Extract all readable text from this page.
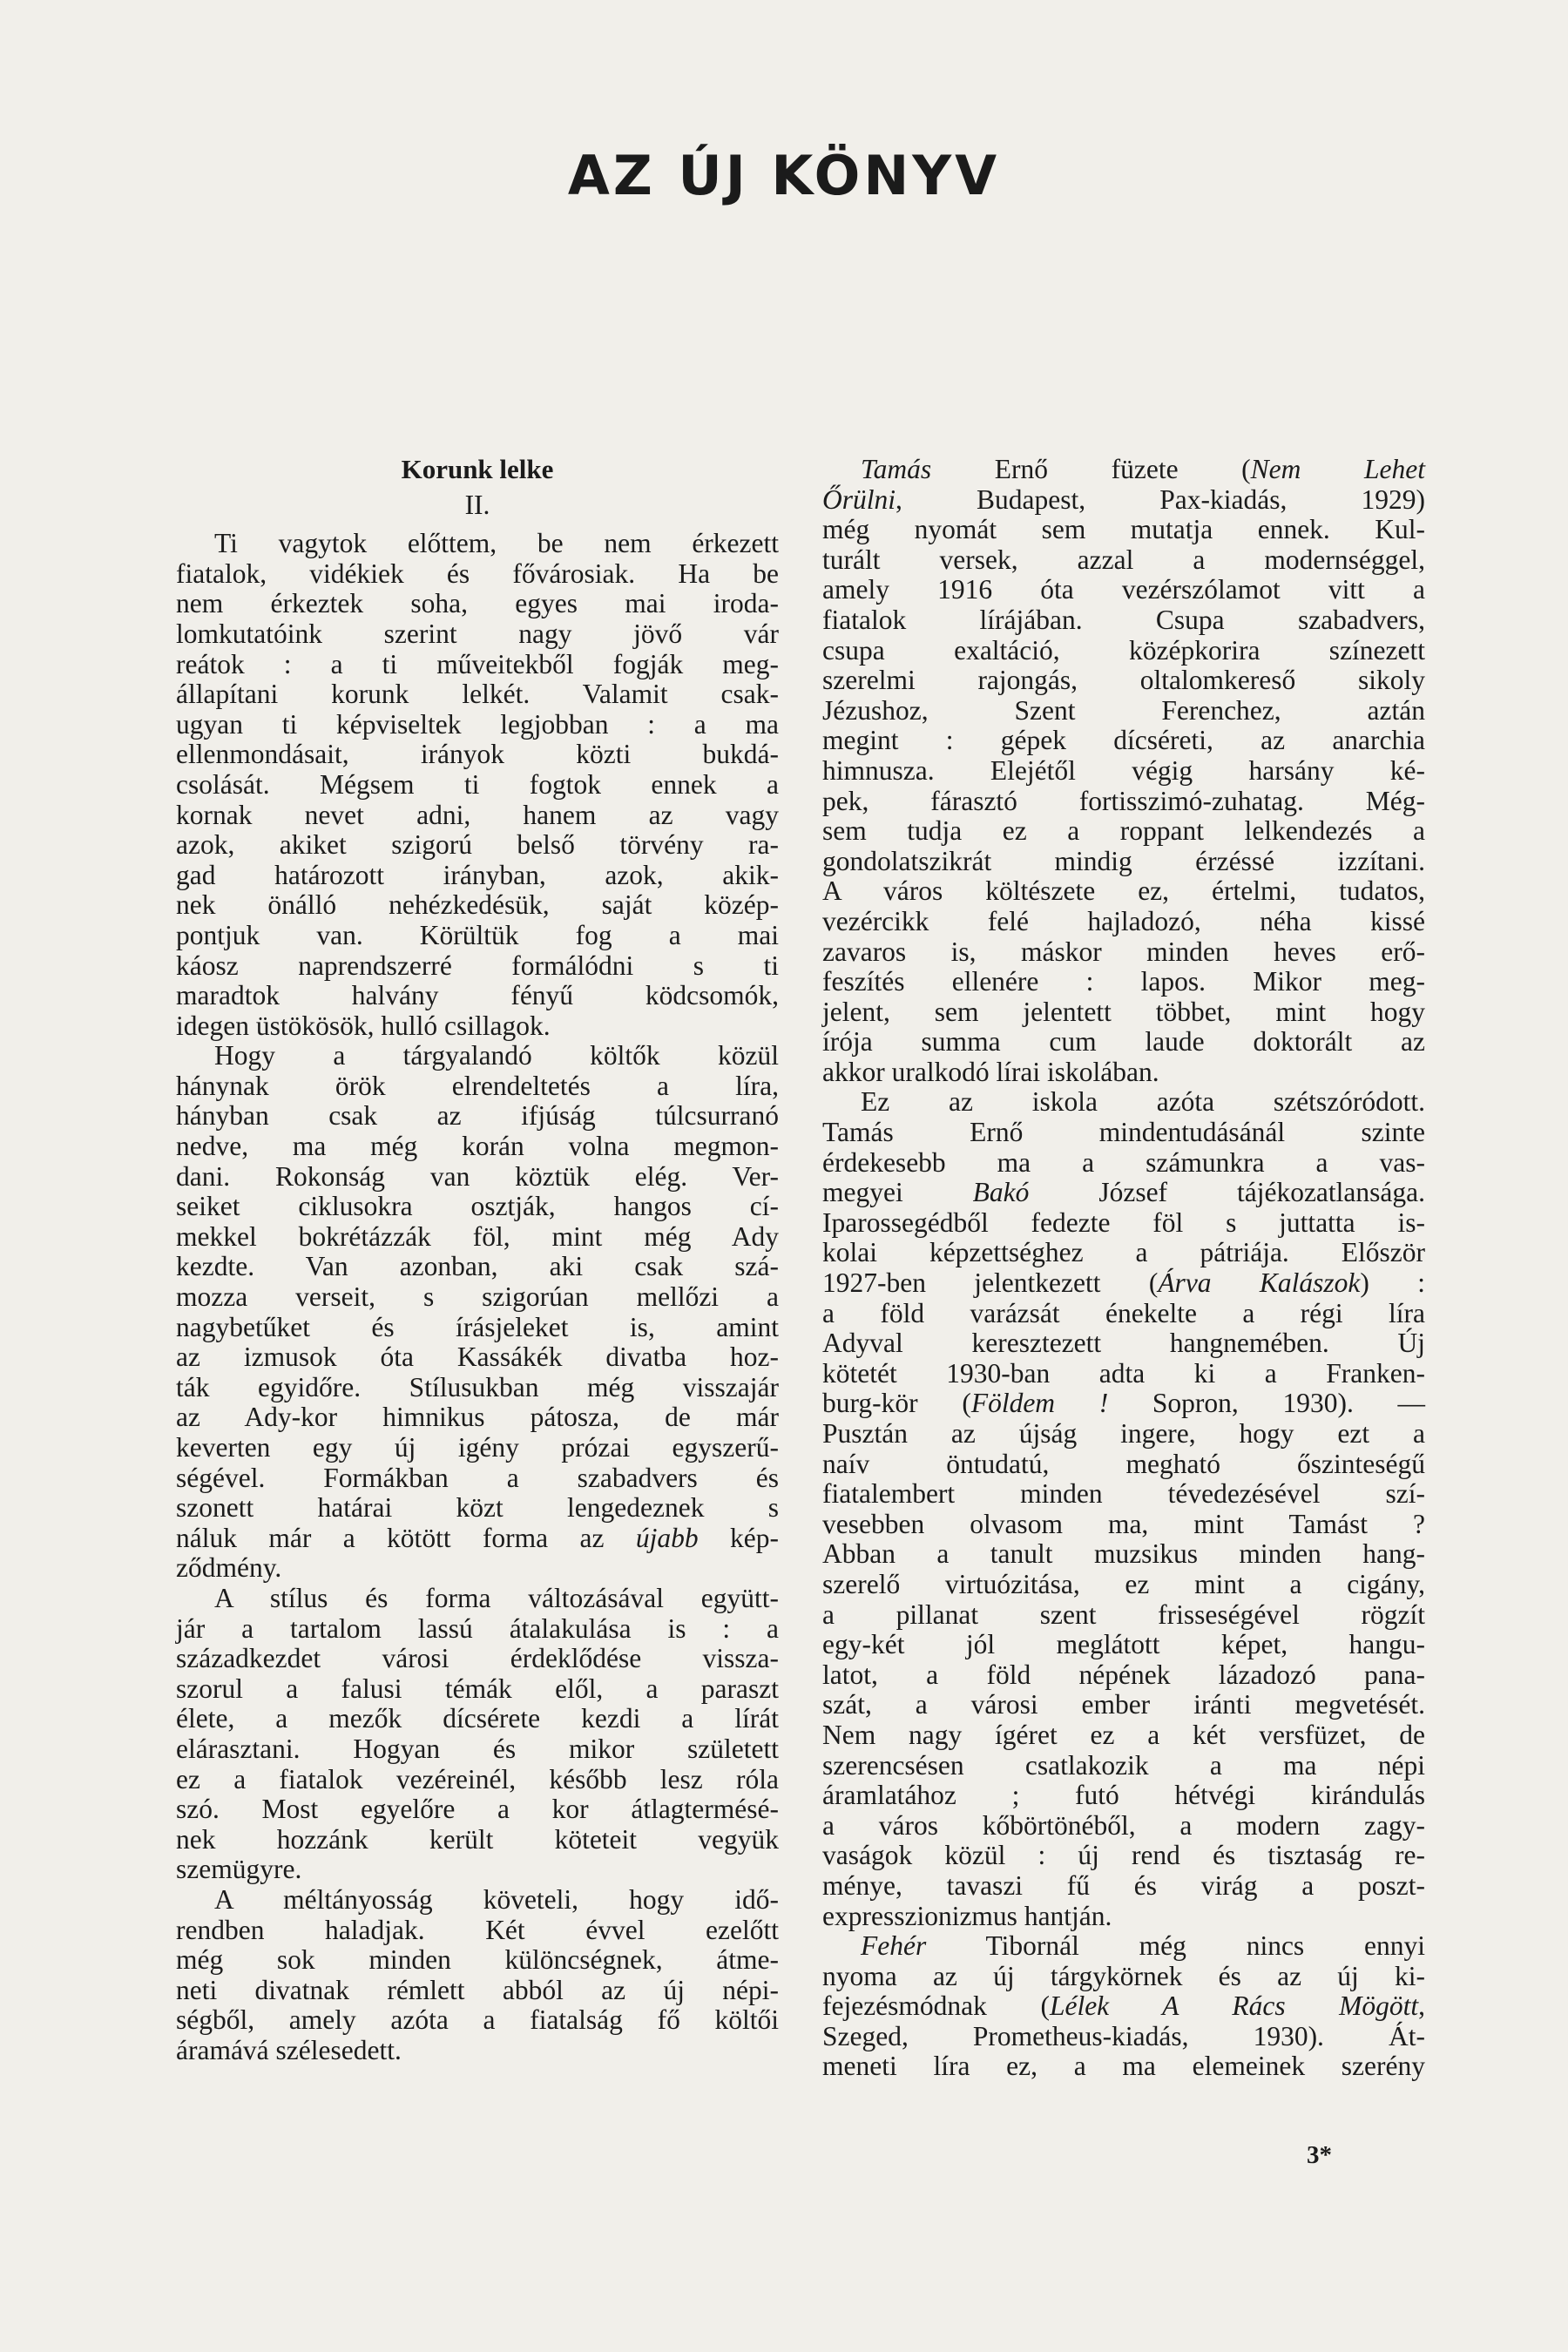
AZ ÚJ KÖNYV
Korunk lelke
II.
Ti vagytok előttem, be nem érkezett
fiatalok, vidékiek és fővárosiak. Ha be
nem érkeztek soha, egyes mai iroda-
lomkutatóink szerint nagy jövő vár
reátok : a ti műveitekből fogják meg-
állapítani korunk lelkét. Valamit csak-
ugyan ti képviseltek legjobban : a ma
ellenmondásait, irányok közti bukdá-
csolását. Mégsem ti fogtok ennek a
kornak nevet adni, hanem az vagy
azok, akiket szigorú belső törvény ra-
gad határozott irányban, azok, akik-
nek önálló nehézkedésük, saját közép-
pontjuk van. Körültük fog a mai
káosz naprendszerré formálódni s ti
maradtok halvány fényű ködcsomók,
idegen üstökösök, hulló csillagok.
Hogy a tárgyalandó költők közül
hánynak örök elrendeltetés a líra,
hányban csak az ifjúság túlcsurranó
nedve, ma még korán volna megmon-
dani. Rokonság van köztük elég. Ver-
seiket ciklusokra osztják, hangos cí-
mekkel bokrétázzák föl, mint még Ady
kezdte. Van azonban, aki csak szá-
mozza verseit, s szigorúan mellőzi a
nagybetűket és írásjeleket is, amint
az izmusok óta Kassákék divatba hoz-
ták egyidőre. Stílusukban még visszajár
az Ady-kor himnikus pátosza, de már
keverten egy új igény prózai egyszerű-
ségével. Formákban a szabadvers és
szonett határai közt lengedeznek s
náluk már a kötött forma az újabb kép-
ződmény.
A stílus és forma változásával együtt-
jár a tartalom lassú átalakulása is : a
századkezdet városi érdeklődése vissza-
szorul a falusi témák elől, a paraszt
élete, a mezők dícsérete kezdi a lírát
elárasztani. Hogyan és mikor született
ez a fiatalok vezéreinél, később lesz róla
szó. Most egyelőre a kor átlagtermésé-
nek hozzánk került köteteit vegyük
szemügyre.
A méltányosság követeli, hogy idő-
rendben haladjak. Két évvel ezelőtt
még sok minden különcségnek, átme-
neti divatnak rémlett abból az új népi-
ségből, amely azóta a fiatalság fő költői
áramává szélesedett.
Tamás Ernő füzete (Nem Lehet
Őrülni, Budapest, Pax-kiadás, 1929)
még nyomát sem mutatja ennek. Kul-
turált versek, azzal a modernséggel,
amely 1916 óta vezérszólamot vitt a
fiatalok lírájában. Csupa szabadvers,
csupa exaltáció, középkorira színezett
szerelmi rajongás, oltalomkereső sikoly
Jézushoz, Szent Ferenchez, aztán
megint : gépek dícséreti, az anarchia
himnusza. Elejétől végig harsány ké-
pek, fárasztó fortisszimó-zuhatag. Még-
sem tudja ez a roppant lelkendezés a
gondolatszikrát mindig érzéssé izzítani.
A város költészete ez, értelmi, tudatos,
vezércikk felé hajladozó, néha kissé
zavaros is, máskor minden heves erő-
feszítés ellenére : lapos. Mikor meg-
jelent, sem jelentett többet, mint hogy
írója summa cum laude doktorált az
akkor uralkodó lírai iskolában.
Ez az iskola azóta szétszóródott.
Tamás Ernő mindentudásánál szinte
érdekesebb ma a számunkra a vas-
megyei	Bakó	József tájékozatlansága.
Iparossegédből fedezte föl s juttatta is-
kolai képzettséghez a pátriája. Először
1927-ben jelentkezett (Árva Kalászok) :
a föld varázsát énekelte a régi líra
Adyval keresztezett hangnemében. Új
kötetét 1930-ban adta ki a Franken-
burg-kör (Földem ! Sopron, 1930). —
Pusztán az újság ingere, hogy ezt a
naív öntudatú, megható őszinteségű
fiatalembert minden tévedezésével szí-
vesebben olvasom ma, mint Tamást ?
Abban a tanult muzsikus minden hang-
szerelő virtuózitása, ez mint a cigány,
a pillanat szent frisseségével rögzít
egy-két jól meglátott képet, hangu-
latot, a föld népének lázadozó pana-
szát, a városi ember iránti megvetését.
Nem nagy ígéret ez a két versfüzet, de
szerencsésen csatlakozik a ma népi
áramlatához ; futó hétvégi kirándulás
a város kőbörtönéből, a modern zagy-
vaságok közül : új rend és tisztaság re-
ménye, tavaszi fű és virág a poszt-
expresszionizmus hantján.
Fehér Tibornál még nincs ennyi
nyoma az új tárgykörnek és az új ki-
fejezésmódnak (Lélek A Rács Mögött,
Szeged, Prometheus-kiadás, 1930). Át-
meneti líra ez, a ma elemeinek szerény
3*
